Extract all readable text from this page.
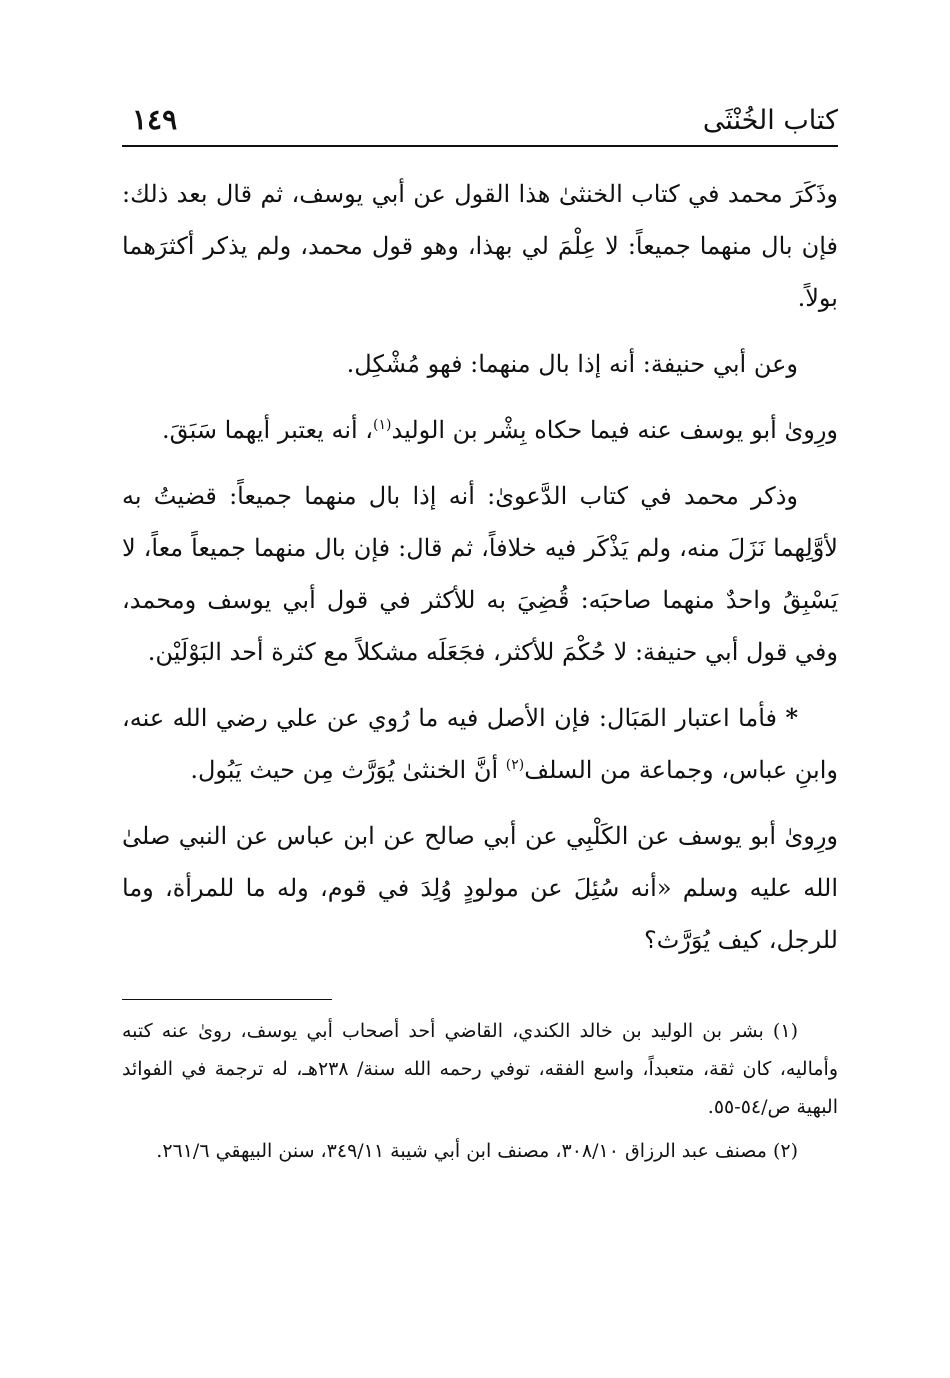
كتاب الخُنْثَى
١٤٩

وذَكَرَ محمد في كتاب الخنثىٰ هذا القول عن أبي يوسف، ثم قال بعد ذلك: فإن بال منهما جميعاً: لا عِلْمَ لي بهذا، وهو قول محمد، ولم يذكر أكثرَهما بولاً.

وعن أبي حنيفة: أنه إذا بال منهما: فهو مُشْكِل.

ورِوىٰ أبو يوسف عنه فيما حكاه بِشْر بن الوليد$^{(١)}$، أنه يعتبر أيهما سَبَقَ.

وذكر محمد في كتاب الدَّعوىٰ: أنه إذا بال منهما جميعاً: قضيتُ به لأوَّلِهما نَزَلَ منه، ولم يَذْكَر فيه خلافاً، ثم قال: فإن بال منهما جميعاً معاً، لا يَسْبِقُ واحدٌ منهما صاحبَه: قُضِيَ به للأكثر في قول أبي يوسف ومحمد، وفي قول أبي حنيفة: لا حُكْمَ للأكثر، فجَعَلَه مشكلاً مع كثرة أحد البَوْلَيْن.

* فأما اعتبار المَبَال: فإن الأصل فيه ما رُوي عن علي رضي الله عنه، وابنِ عباس، وجماعة من السلف$^{(٢)}$ أنَّ الخنثىٰ يُوَرَّث مِن حيث يَبُول.

ورِوىٰ أبو يوسف عن الكَلْبِي عن أبي صالح عن ابن عباس عن النبي صلىٰ الله عليه وسلم «أنه سُئِلَ عن مولودٍ وُلِدَ في قوم، وله ما للمرأة، وما للرجل، كيف يُوَرَّث؟

(١) بشر بن الوليد بن خالد الكندي، القاضي أحد أصحاب أبي يوسف، روىٰ عنه كتبه وأماليه، كان ثقة، متعبداً، واسع الفقه، توفي رحمه الله سنة/ ٢٣٨هـ، له ترجمة في الفوائد البهية ص/٥٤-٥٥.

(٢) مصنف عبد الرزاق ٣٠٨/١٠، مصنف ابن أبي شيبة ٣٤٩/١١، سنن البيهقي ٢٦١/٦.
